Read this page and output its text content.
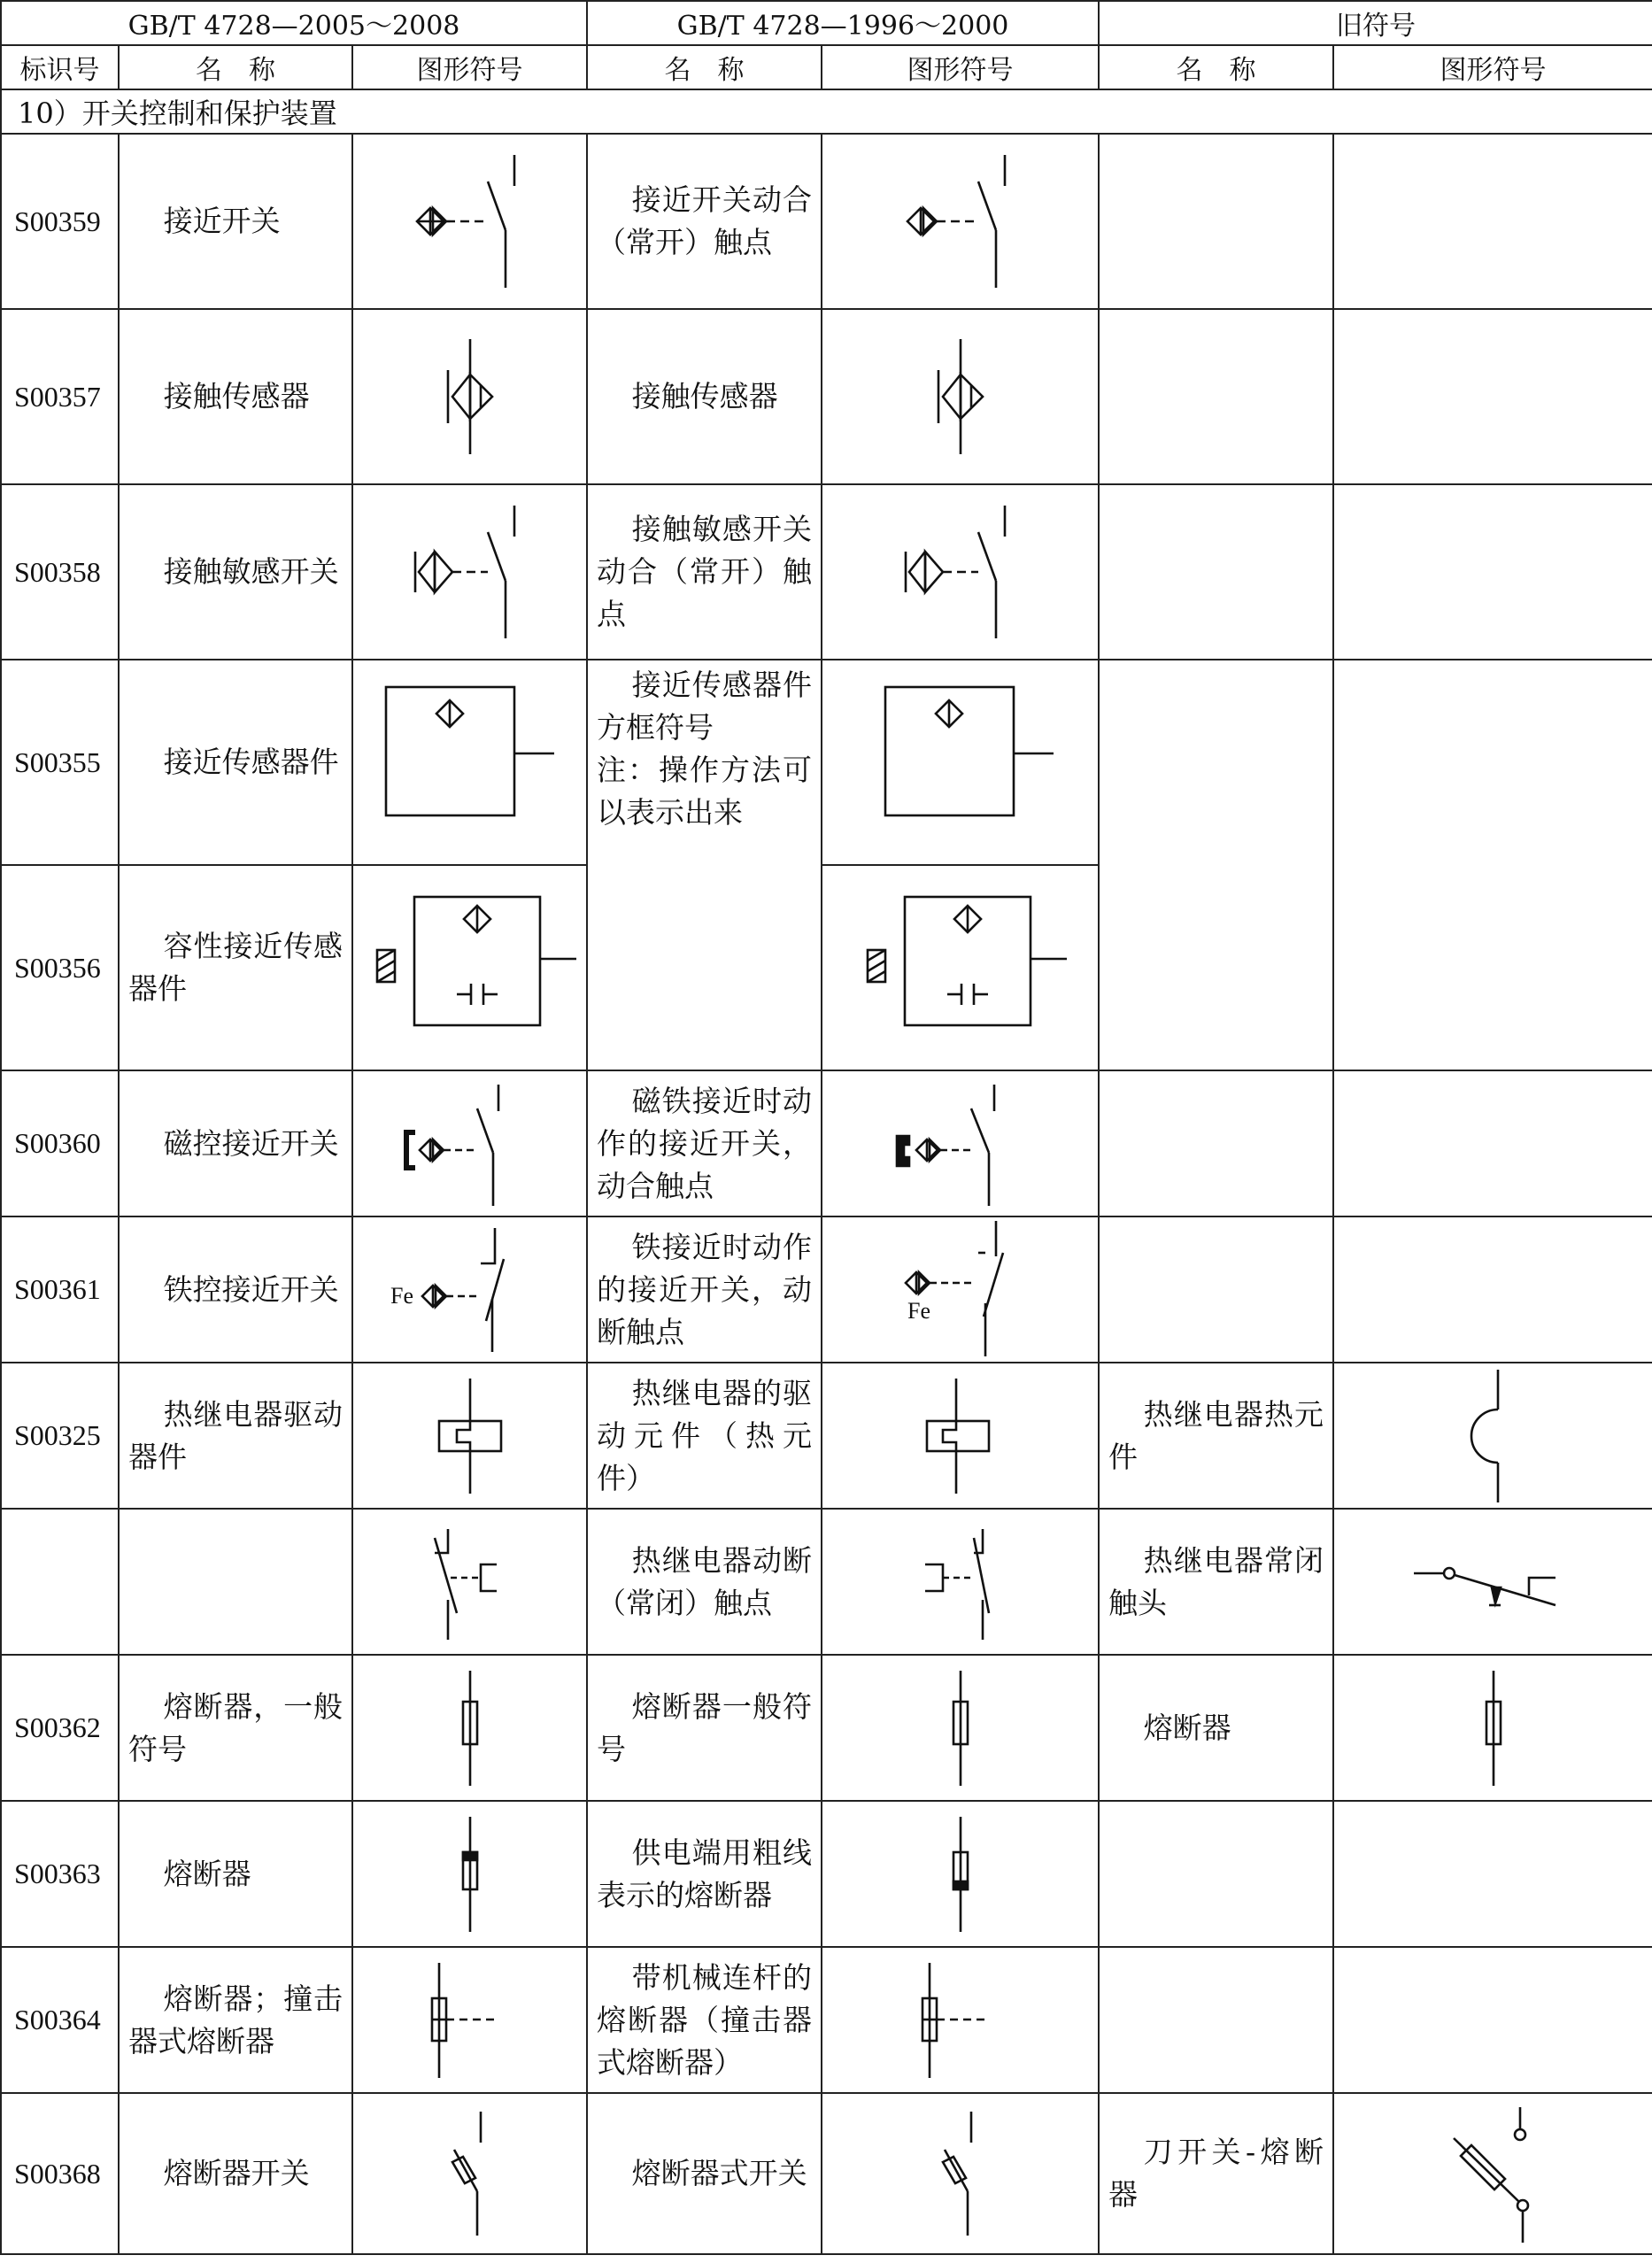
GB/T 4728—2005～2008			GB/T 4728—1996～2000		旧符号	
标识号	名　称	图形符号	名　称	图形符号	名　称	图形符号
10）开关控制和保护装置						
S00359	接近开关		接近开关动合（常开）触点	

S00357	接触传感器		接触传感器	

S00358	接触敏感开关		接触敏感开关动合（常开）触点	

S00355	接近传感器件		接近传感器件方框符号
注：操作方法可以表示出来	

S00356	容性接近传感器件	

S00360	磁控接近开关		磁铁接近时动作的接近开关，动合触点	

S00361	铁控接近开关	Fe	铁接近时动作的接近开关，动断触点	Fe		

S00325	热继电器驱动器件		热继电器的驱动元件（热元件）		热继电器热元件	

	热继电器动断（常闭）触点		热继电器常闭触头	

S00362	熔断器，一般符号		熔断器一般符号		熔断器	

S00363	熔断器		供电端用粗线表示的熔断器	

S00364	熔断器；撞击器式熔断器		带机械连杆的熔断器（撞击器式熔断器）	

S00368	熔断器开关		熔断器式开关		刀开关-熔断器	
